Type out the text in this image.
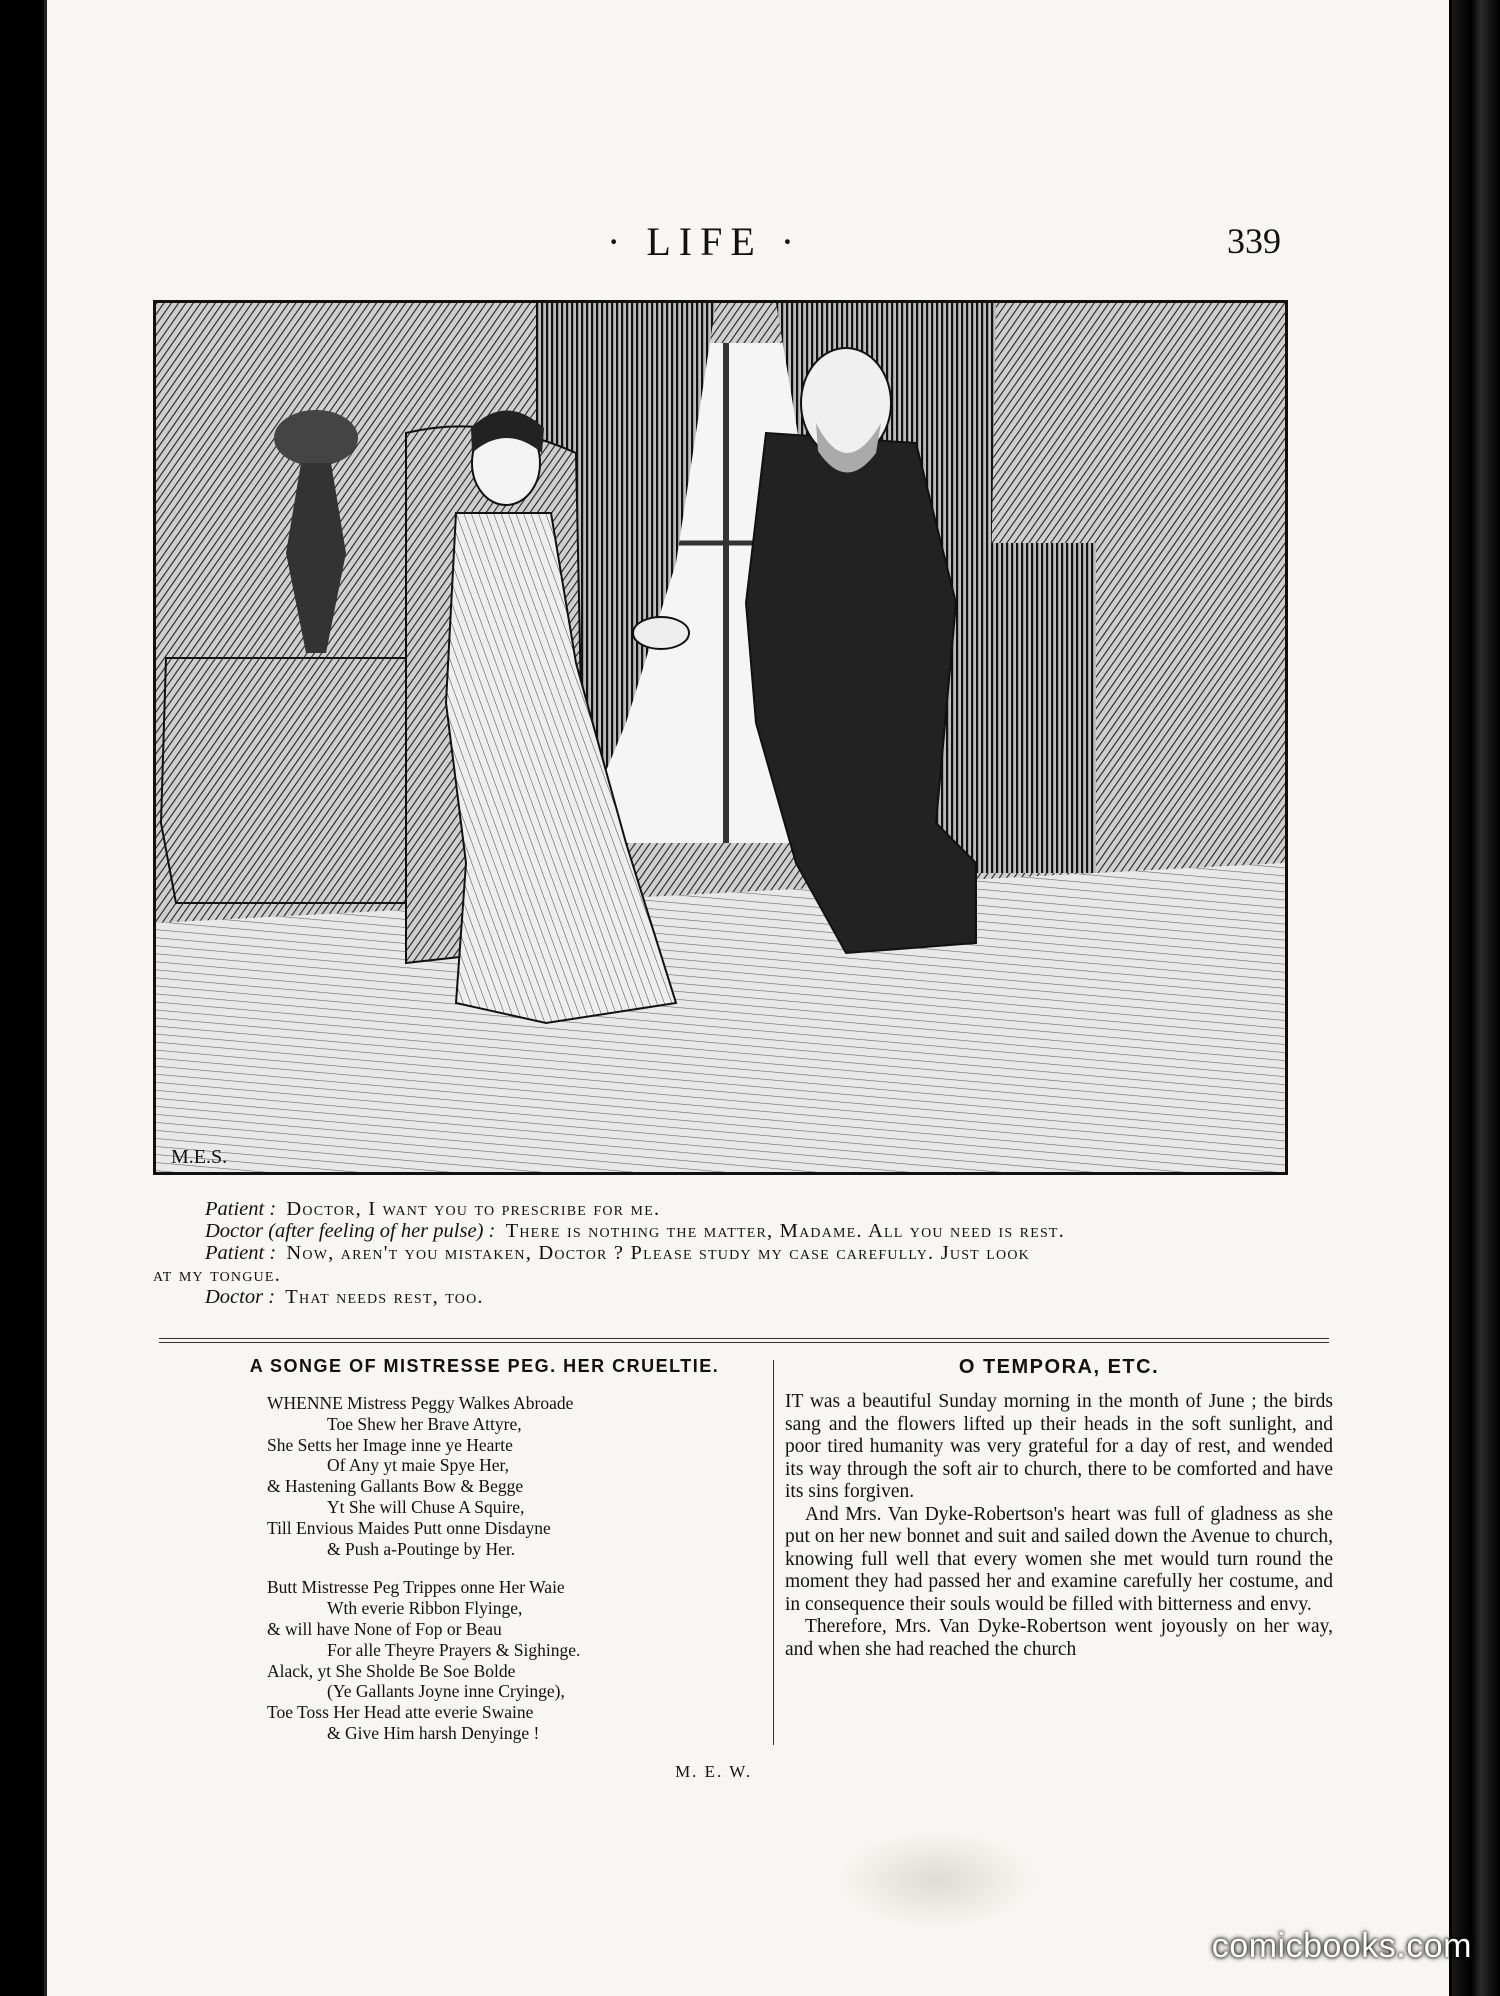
· LIFE ·	339
M.E.S.
Patient : Doctor, I want you to prescribe for me.
Doctor (after feeling of her pulse) : There is nothing the matter, Madame. All you need is rest.
Patient : Now, aren't you mistaken, Doctor ? Please study my case carefully. Just look
at my tongue.
Doctor : That needs rest, too.
A SONGE OF MISTRESSE PEG. HER CRUELTIE.
WHENNE Mistress Peggy Walkes Abroade
Toe Shew her Brave Attyre,
She Setts her Image inne ye Hearte
Of Any yt maie Spye Her,
& Hastening Gallants Bow & Begge
Yt She will Chuse A Squire,
Till Envious Maides Putt onne Disdayne
& Push a-Poutinge by Her.
Butt Mistresse Peg Trippes onne Her Waie
Wth everie Ribbon Flyinge,
& will have None of Fop or Beau
For alle Theyre Prayers & Sighinge.
Alack, yt She Sholde Be Soe Bolde
(Ye Gallants Joyne inne Cryinge),
Toe Toss Her Head atte everie Swaine
& Give Him harsh Denyinge !
M. E. W.
O TEMPORA, ETC.

IT was a beautiful Sunday morning in the month of June ; the birds sang and the flowers lifted up their heads in the soft sunlight, and poor tired humanity was very grateful for a day of rest, and wended its way through the soft air to church, there to be comforted and have its sins forgiven.

And Mrs. Van Dyke-Robertson's heart was full of gladness as she put on her new bonnet and suit and sailed down the Avenue to church, knowing full well that every women she met would turn round the moment they had passed her and examine carefully her costume, and in consequence their souls would be filled with bitterness and envy.

Therefore, Mrs. Van Dyke-Robertson went joyously on her way, and when she had reached the church

comicbooks.com
